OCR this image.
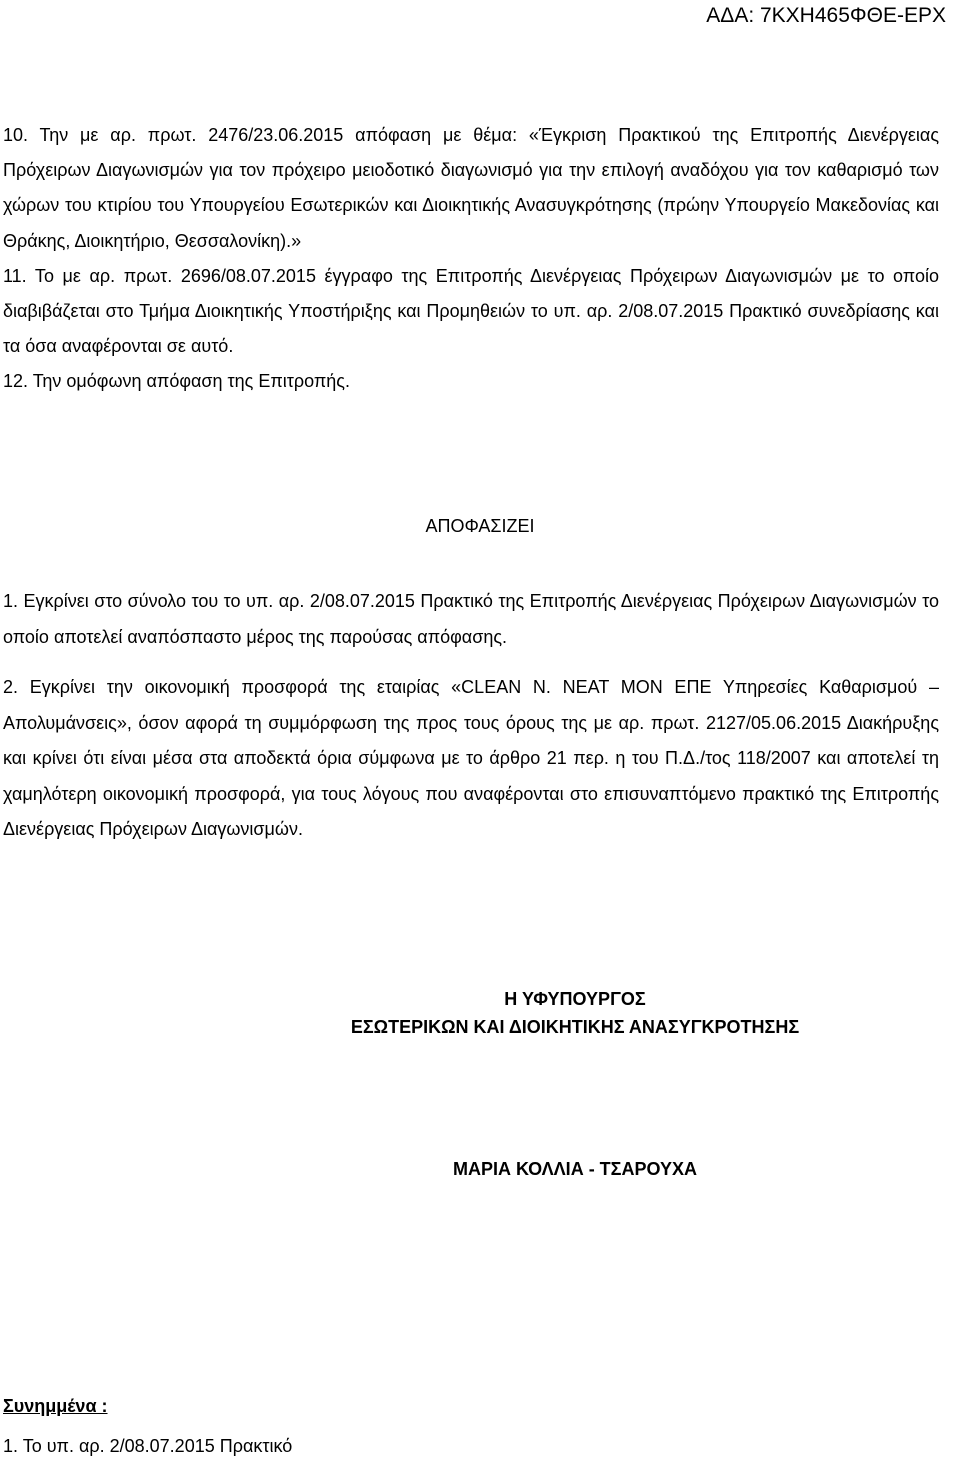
ΑΔΑ: 7ΚΧΗ465ΦΘΕ-ΕΡΧ

10. Την με αρ. πρωτ. 2476/23.06.2015 απόφαση με θέμα: «Έγκριση Πρακτικού της Επιτροπής Διενέργειας Πρόχειρων Διαγωνισμών για τον πρόχειρο μειοδοτικό διαγωνισμό για την επιλογή αναδόχου για τον καθαρισμό των χώρων του κτιρίου του Υπουργείου Εσωτερικών και Διοικητικής Ανασυγκρότησης (πρώην Υπουργείο Μακεδονίας και Θράκης, Διοικητήριο, Θεσσαλονίκη).»

11. Το με αρ. πρωτ. 2696/08.07.2015 έγγραφο της Επιτροπής Διενέργειας Πρόχειρων Διαγωνισμών με το οποίο διαβιβάζεται στο Τμήμα Διοικητικής Υποστήριξης και Προμηθειών το υπ. αρ. 2/08.07.2015 Πρακτικό συνεδρίασης και τα όσα αναφέρονται σε αυτό.

12. Την ομόφωνη απόφαση της Επιτροπής.

ΑΠΟΦΑΣΙΖΕΙ

1. Εγκρίνει στο σύνολο του το υπ. αρ. 2/08.07.2015 Πρακτικό της Επιτροπής Διενέργειας Πρόχειρων Διαγωνισμών το οποίο αποτελεί αναπόσπαστο μέρος της παρούσας απόφασης.

2. Εγκρίνει την οικονομική προσφορά της εταιρίας «CLEAN N. NEAT MON ΕΠΕ Υπηρεσίες Καθαρισμού – Απολυμάνσεις», όσον αφορά τη συμμόρφωση της προς τους όρους της με αρ. πρωτ. 2127/05.06.2015 Διακήρυξης και κρίνει ότι είναι μέσα στα αποδεκτά όρια σύμφωνα με το άρθρο 21 περ. η του Π.Δ./τος 118/2007 και αποτελεί τη χαμηλότερη οικονομική προσφορά, για τους λόγους που αναφέρονται στο επισυναπτόμενο πρακτικό της Επιτροπής Διενέργειας Πρόχειρων Διαγωνισμών.

Η ΥΦΥΠΟΥΡΓΟΣ
ΕΣΩΤΕΡΙΚΩΝ ΚΑΙ ΔΙΟΙΚΗΤΙΚΗΣ ΑΝΑΣΥΓΚΡΟΤΗΣΗΣ
ΜΑΡΙΑ ΚΟΛΛΙΑ - ΤΣΑΡΟΥΧΑ
Συνημμένα :
1. Το υπ. αρ. 2/08.07.2015 Πρακτικό
